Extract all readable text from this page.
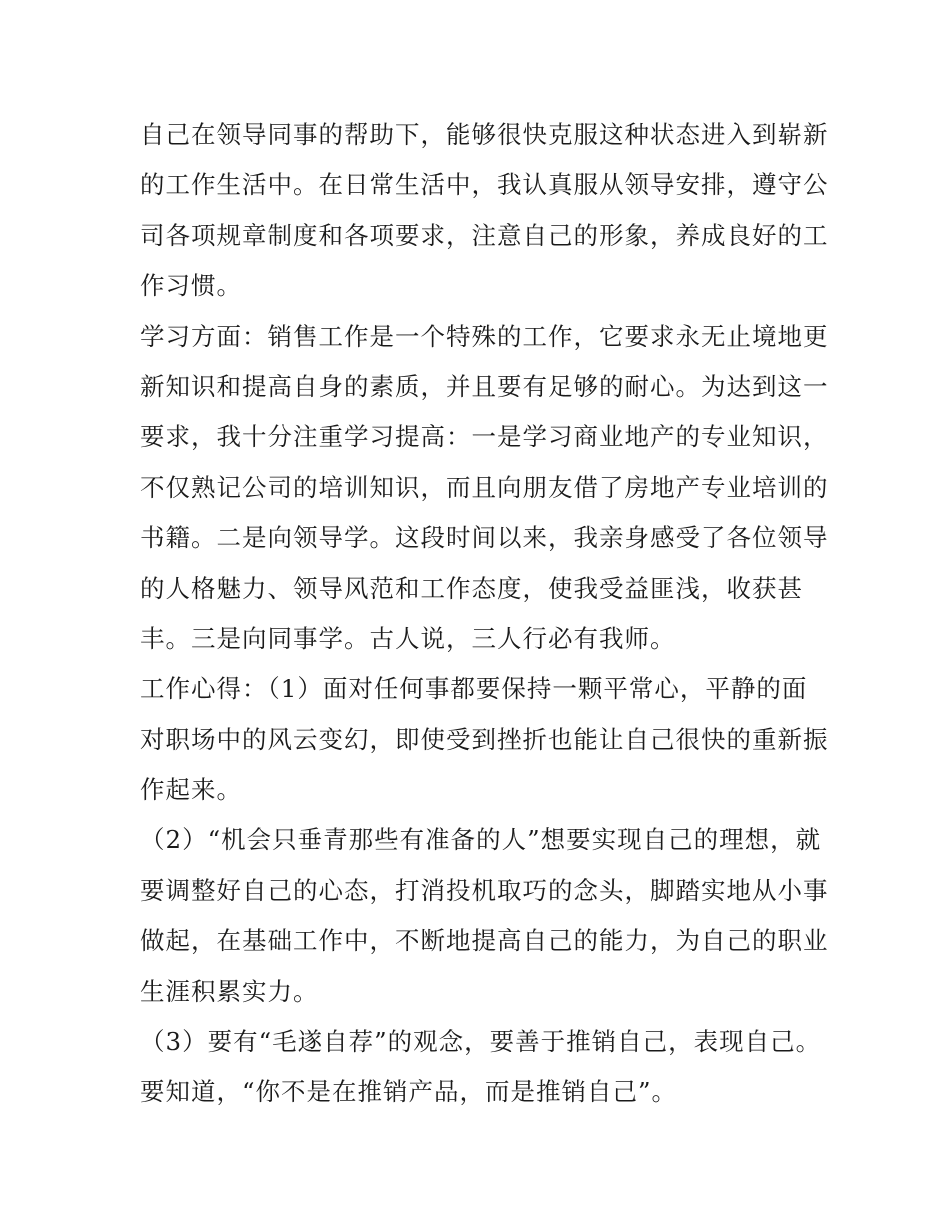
自己在领导同事的帮助下，能够很快克服这种状态进入到崭新
的工作生活中。在日常生活中，我认真服从领导安排，遵守公
司各项规章制度和各项要求，注意自己的形象，养成良好的工
作习惯。
学习方面：销售工作是一个特殊的工作，它要求永无止境地更
新知识和提高自身的素质，并且要有足够的耐心。为达到这一
要求，我十分注重学习提高：一是学习商业地产的专业知识，
不仅熟记公司的培训知识，而且向朋友借了房地产专业培训的
书籍。二是向领导学。这段时间以来，我亲身感受了各位领导
的人格魅力、领导风范和工作态度，使我受益匪浅，收获甚
丰。三是向同事学。古人说，三人行必有我师。
工作心得：（1）面对任何事都要保持一颗平常心，平静的面
对职场中的风云变幻，即使受到挫折也能让自己很快的重新振
作起来。
（2）“机会只垂青那些有准备的人”想要实现自己的理想，就
要调整好自己的心态，打消投机取巧的念头，脚踏实地从小事
做起，在基础工作中，不断地提高自己的能力，为自己的职业
生涯积累实力。
（3）要有“毛遂自荐”的观念，要善于推销自己，表现自己。
要知道，“你不是在推销产品，而是推销自己”。
